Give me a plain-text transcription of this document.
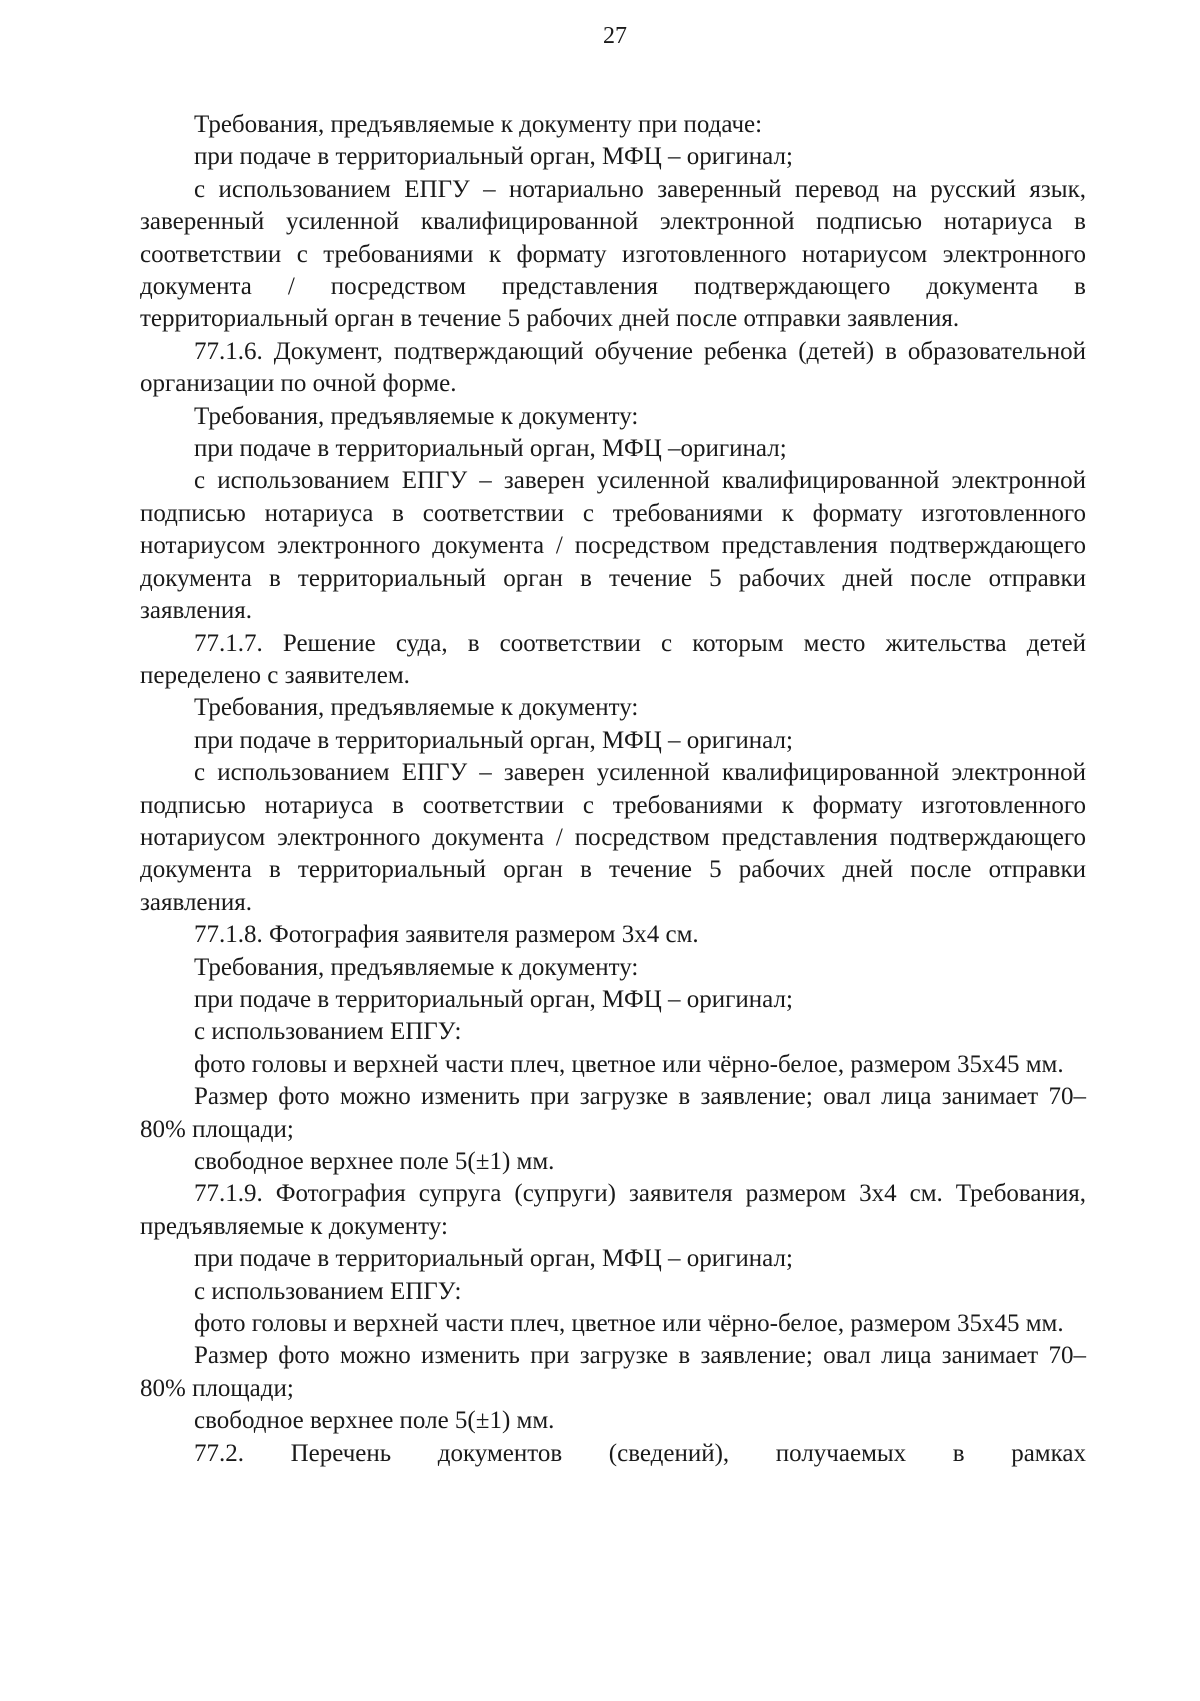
27

Требования, предъявляемые к документу при подаче:

при подаче в территориальный орган, МФЦ – оригинал;

с использованием ЕПГУ – нотариально заверенный перевод на русский язык, заверенный усиленной квалифицированной электронной подписью нотариуса в соответствии с требованиями к формату изготовленного нотариусом электронного документа / посредством представления подтверждающего документа в территориальный орган в течение 5 рабочих дней после отправки заявления.

77.1.6. Документ, подтверждающий обучение ребенка (детей) в образовательной организации по очной форме.

Требования, предъявляемые к документу:

при подаче в территориальный орган, МФЦ –оригинал;

с использованием ЕПГУ – заверен усиленной квалифицированной электронной подписью нотариуса в соответствии с требованиями к формату изготовленного нотариусом электронного документа / посредством представления подтверждающего документа в территориальный орган в течение 5 рабочих дней после отправки заявления.

77.1.7. Решение суда, в соответствии с которым место жительства детей переделено с заявителем.

Требования, предъявляемые к документу:

при подаче в территориальный орган, МФЦ – оригинал;

с использованием ЕПГУ – заверен усиленной квалифицированной электронной подписью нотариуса в соответствии с требованиями к формату изготовленного нотариусом электронного документа / посредством представления подтверждающего документа в территориальный орган в течение 5 рабочих дней после отправки заявления.

77.1.8. Фотография заявителя размером 3х4 см.

Требования, предъявляемые к документу:

при подаче в территориальный орган, МФЦ – оригинал;

с использованием ЕПГУ:

фото головы и верхней части плеч, цветное или чёрно-белое, размером 35х45 мм.

Размер фото можно изменить при загрузке в заявление; овал лица занимает 70–80% площади;

свободное верхнее поле 5(±1) мм.

77.1.9. Фотография супруга (супруги) заявителя размером 3х4 см. Требования, предъявляемые к документу:

при подаче в территориальный орган, МФЦ – оригинал;

с использованием ЕПГУ:

фото головы и верхней части плеч, цветное или чёрно-белое, размером 35х45 мм.

Размер фото можно изменить при загрузке в заявление; овал лица занимает 70–80% площади;

свободное верхнее поле 5(±1) мм.

77.2. Перечень документов (сведений), получаемых в рамках
